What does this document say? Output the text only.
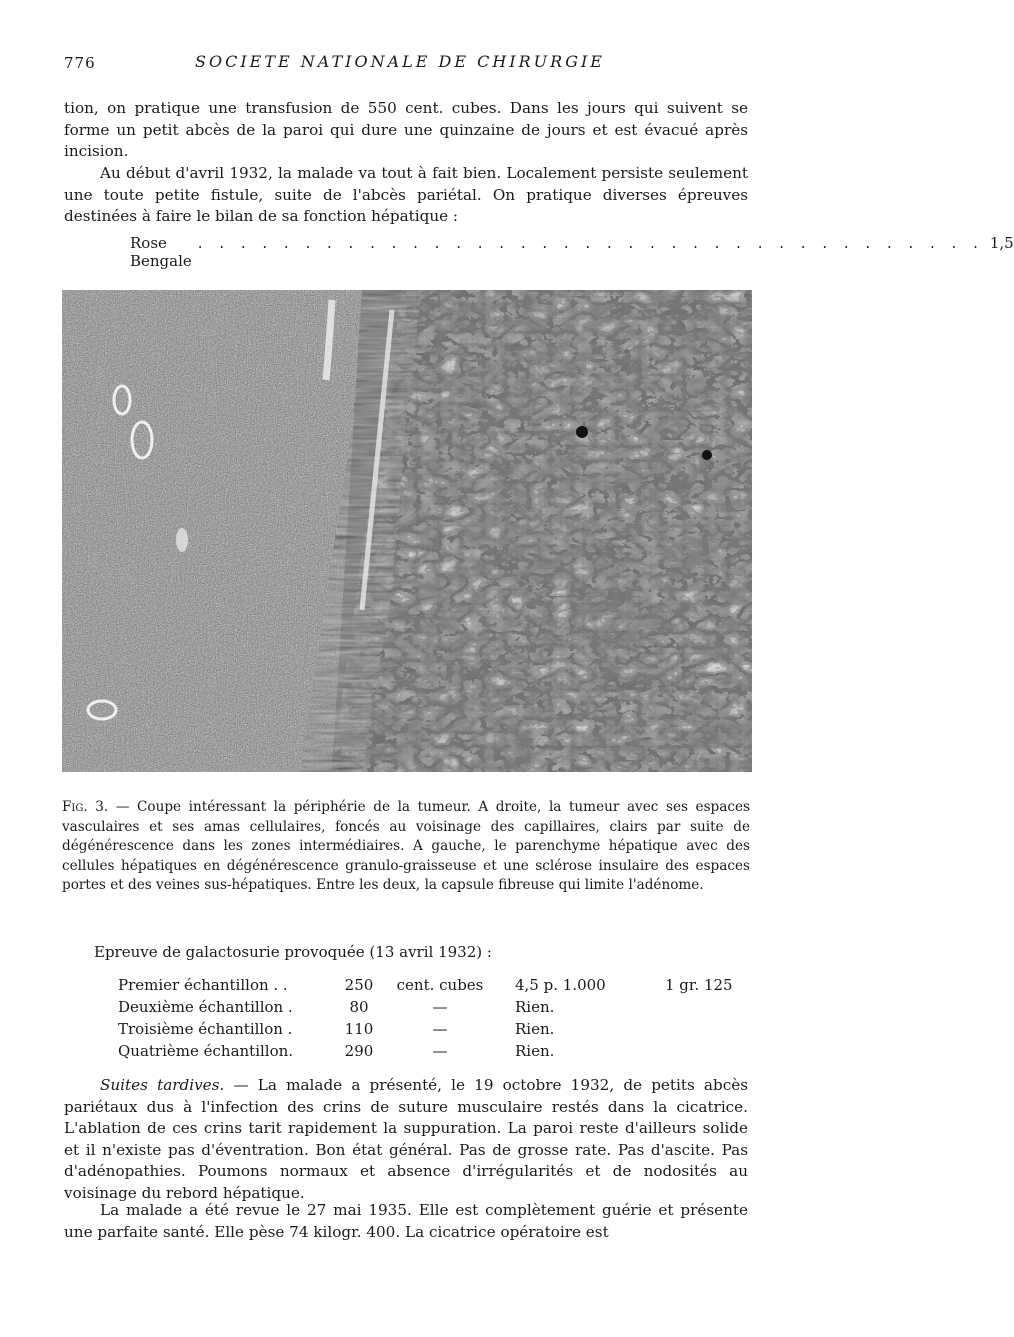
776	SOCIETE NATIONALE DE CHIRURGIE

tion, on pratique une transfusion de 550 cent. cubes. Dans les jours qui suivent se forme un petit abcès de la paroi qui dure une quinzaine de jours et est évacué après incision.

Au début d'avril 1932, la malade va tout à fait bien. Localement persiste seulement une toute petite fistule, suite de l'abcès pariétal. On pratique diverses épreuves destinées à faire le bilan de sa fonction hépatique :

Rose Bengale
. . . . . . . . . . . . . . . . . . . . . . . . . . . . . . . . . . . . . 1,5

Fig. 3. — Coupe intéressant la périphérie de la tumeur. A droite, la tumeur avec ses espaces vasculaires et ses amas cellulaires, foncés au voisinage des capillaires, clairs par suite de dégénérescence dans les zones intermédiaires. A gauche, le parenchyme hépatique avec des cellules hépatiques en dégénérescence granulo-graisseuse et une sclérose insulaire des espaces portes et des veines sus-hépatiques. Entre les deux, la capsule fibreuse qui limite l'adénome.

Epreuve de galactosurie provoquée (13 avril 1932) :
Premier échantillon . .	250	cent. cubes	4,5 p. 1.000	1 gr. 125
Deuxième échantillon .	80	—	Rien.	
Troisième échantillon .	110	—	Rien.	
Quatrième échantillon.	290	—	Rien.	

Suites tardives. — La malade a présenté, le 19 octobre 1932, de petits abcès pariétaux dus à l'infection des crins de suture musculaire restés dans la cicatrice. L'ablation de ces crins tarit rapidement la suppuration. La paroi reste d'ailleurs solide et il n'existe pas d'éventration. Bon état général. Pas de grosse rate. Pas d'ascite. Pas d'adénopathies. Poumons normaux et absence d'irrégularités et de nodosités au voisinage du rebord hépatique.

La malade a été revue le 27 mai 1935. Elle est complètement guérie et présente une parfaite santé. Elle pèse 74 kilogr. 400. La cicatrice opératoire est
